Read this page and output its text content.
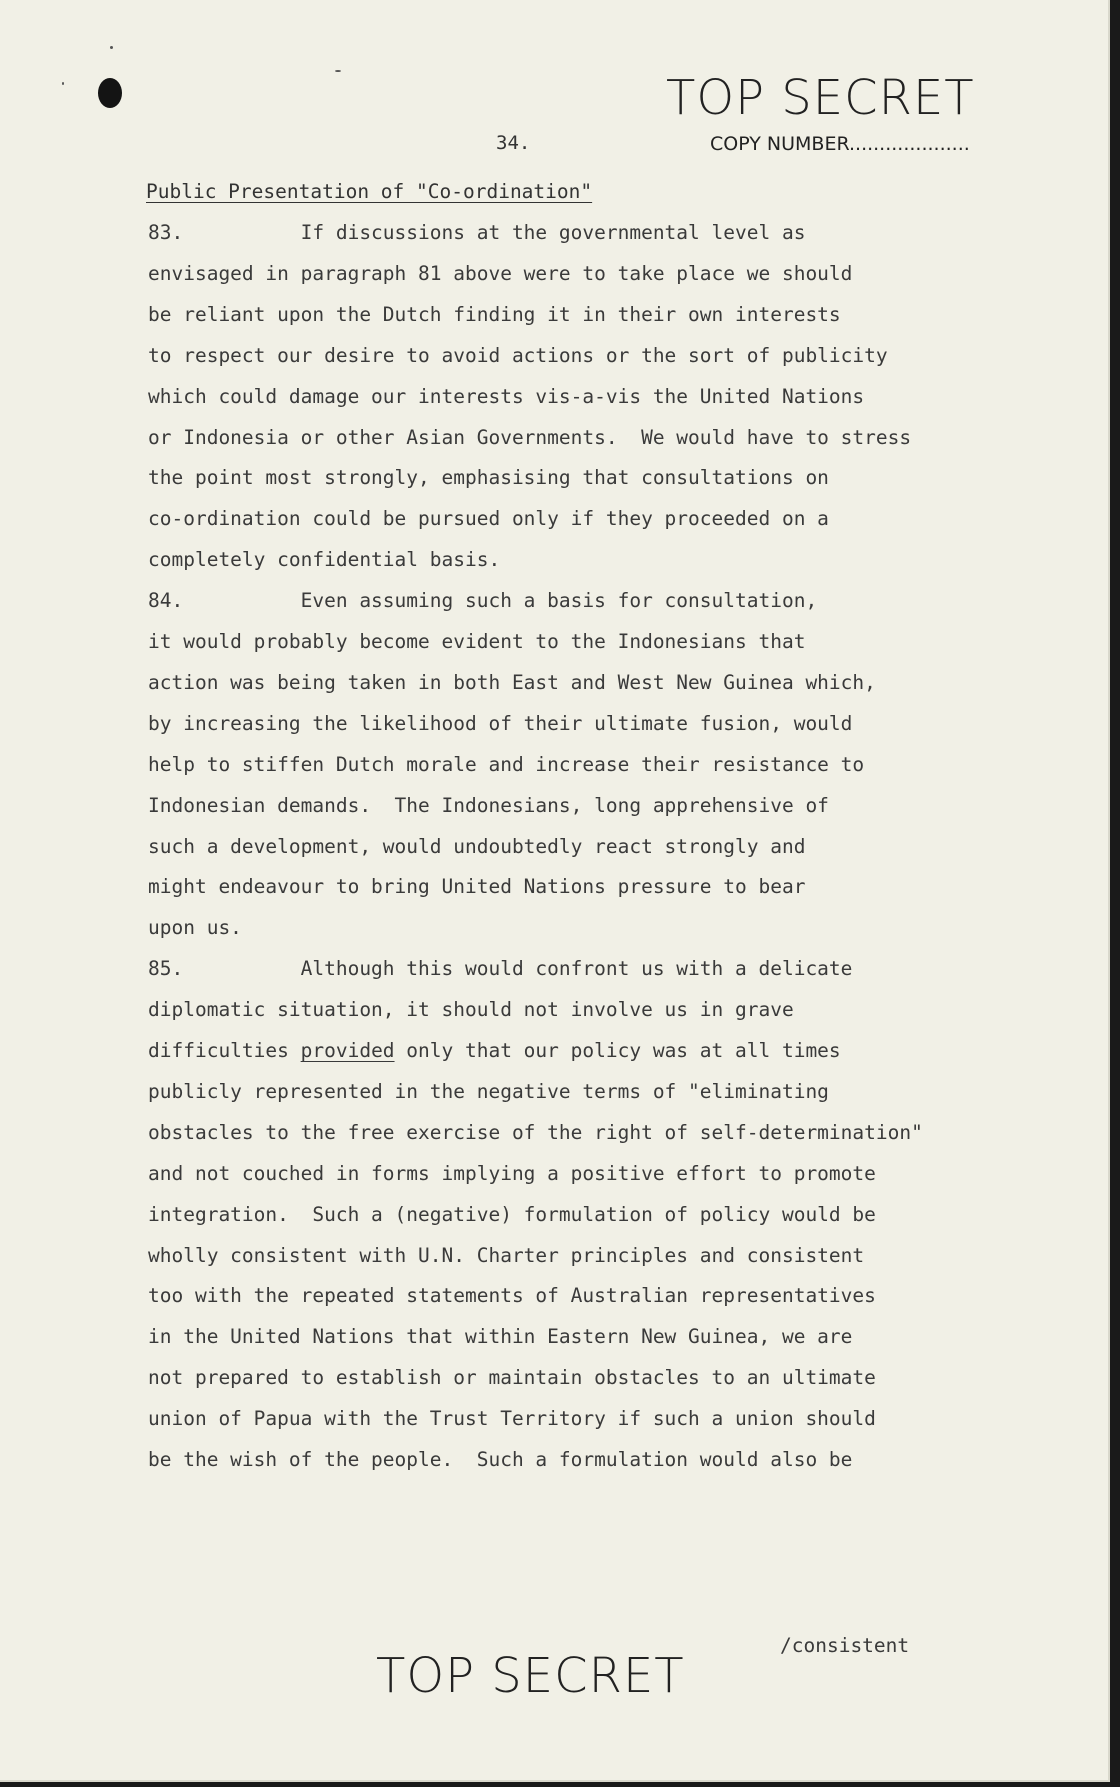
TOP SECRET
COPY NUMBER....................
34.
Public Presentation of "Co-ordination"
83.          If discussions at the governmental level as
envisaged in paragraph 81 above were to take place we should
be reliant upon the Dutch finding it in their own interests
to respect our desire to avoid actions or the sort of publicity
which could damage our interests vis-a-vis the United Nations
or Indonesia or other Asian Governments.  We would have to stress
the point most strongly, emphasising that consultations on
co-ordination could be pursued only if they proceeded on a
completely confidential basis.
84.          Even assuming such a basis for consultation,
it would probably become evident to the Indonesians that
action was being taken in both East and West New Guinea which,
by increasing the likelihood of their ultimate fusion, would
help to stiffen Dutch morale and increase their resistance to
Indonesian demands.  The Indonesians, long apprehensive of
such a development, would undoubtedly react strongly and
might endeavour to bring United Nations pressure to bear
upon us.
85.          Although this would confront us with a delicate
diplomatic situation, it should not involve us in grave
difficulties provided only that our policy was at all times
publicly represented in the negative terms of "eliminating
obstacles to the free exercise of the right of self-determination"
and not couched in forms implying a positive effort to promote
integration.  Such a (negative) formulation of policy would be
wholly consistent with U.N. Charter principles and consistent
too with the repeated statements of Australian representatives
in the United Nations that within Eastern New Guinea, we are
not prepared to establish or maintain obstacles to an ultimate
union of Papua with the Trust Territory if such a union should
be the wish of the people.  Such a formulation would also be
/consistent
TOP SECRET
